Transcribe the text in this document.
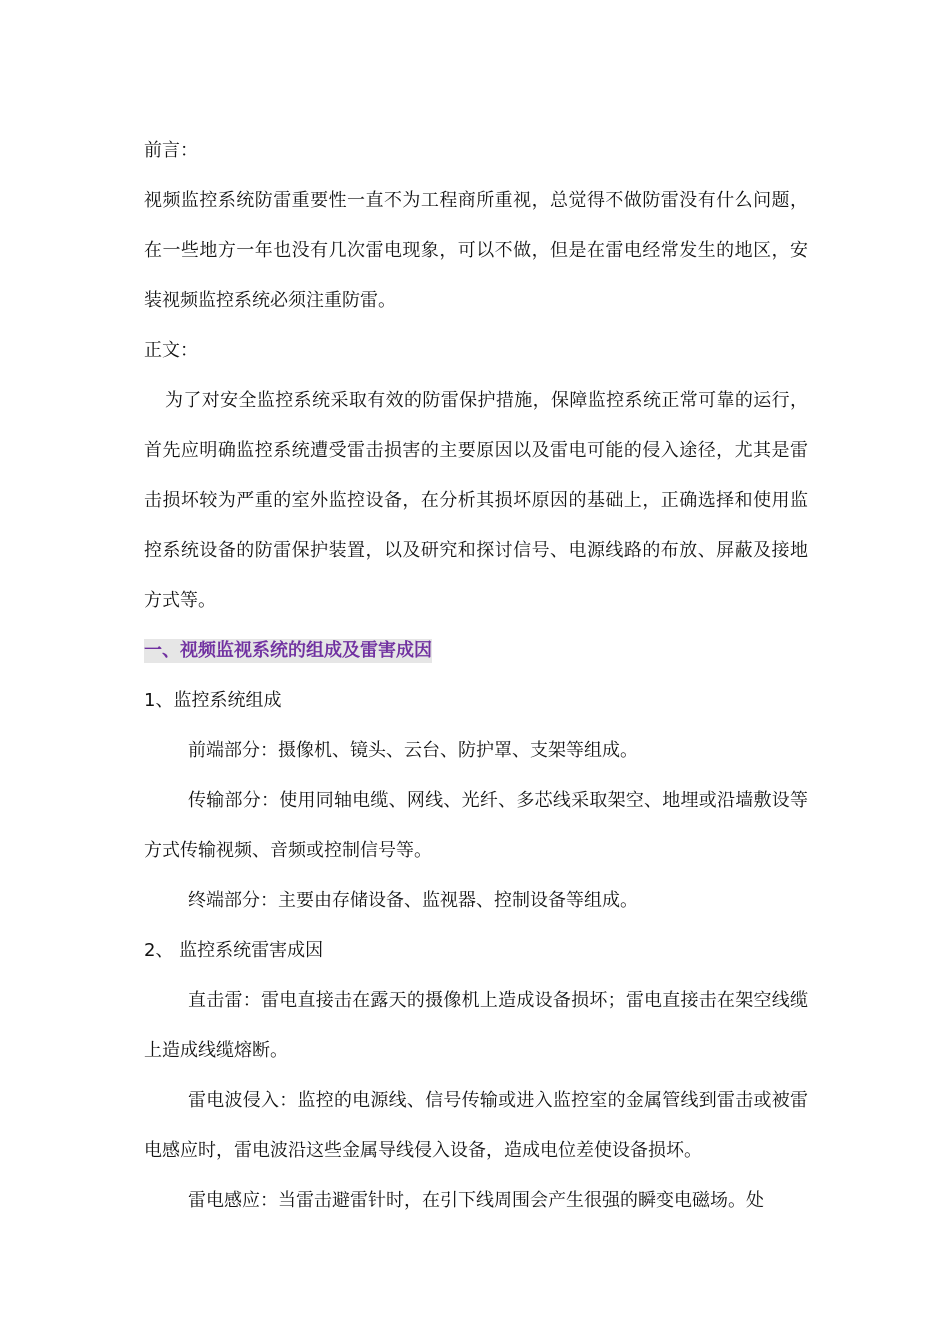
前言：

视频监控系统防雷重要性一直不为工程商所重视，总觉得不做防雷没有什么问题，在一些地方一年也没有几次雷电现象，可以不做，但是在雷电经常发生的地区，安装视频监控系统必须注重防雷。

正文：

为了对安全监控系统采取有效的防雷保护措施，保障监控系统正常可靠的运行，首先应明确监控系统遭受雷击损害的主要原因以及雷电可能的侵入途径，尤其是雷击损坏较为严重的室外监控设备，在分析其损坏原因的基础上，正确选择和使用监控系统设备的防雷保护装置，以及研究和探讨信号、电源线路的布放、屏蔽及接地方式等。

一、视频监视系统的组成及雷害成因

1、监控系统组成

前端部分：摄像机、镜头、云台、防护罩、支架等组成。

传输部分：使用同轴电缆、网线、光纤、多芯线采取架空、地埋或沿墙敷设等方式传输视频、音频或控制信号等。

终端部分：主要由存储设备、监视器、控制设备等组成。

2、 监控系统雷害成因

直击雷：雷电直接击在露天的摄像机上造成设备损坏；雷电直接击在架空线缆上造成线缆熔断。

雷电波侵入：监控的电源线、信号传输或进入监控室的金属管线到雷击或被雷电感应时，雷电波沿这些金属导线侵入设备，造成电位差使设备损坏。

雷电感应：当雷击避雷针时，在引下线周围会产生很强的瞬变电磁场。处
